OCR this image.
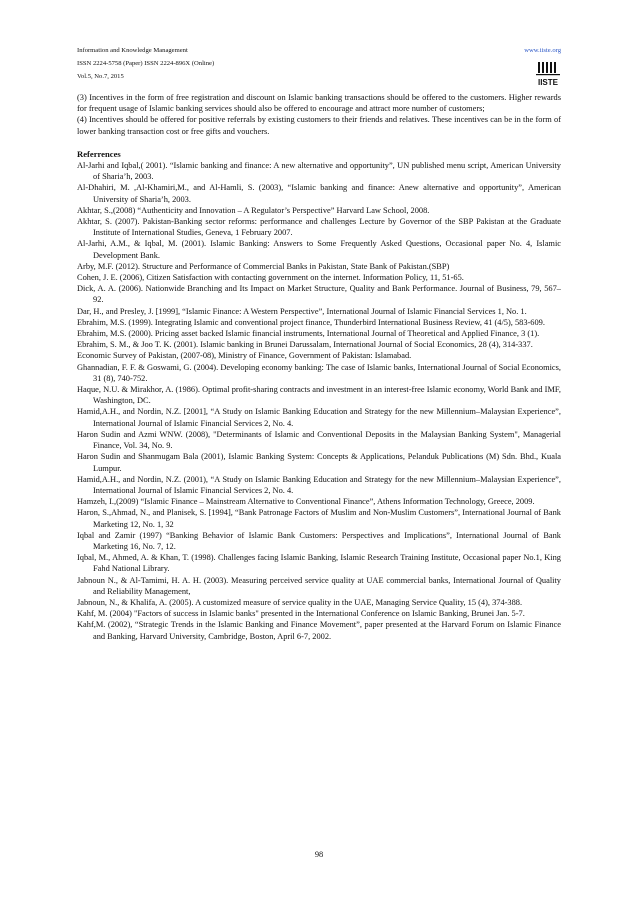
Information and Knowledge Management
ISSN 2224-5758 (Paper) ISSN 2224-896X (Online)
Vol.5, No.7, 2015
www.iiste.org
IISTE

(3) Incentives in the form of free registration and discount on Islamic banking transactions should be offered to the customers. Higher rewards for frequent usage of Islamic banking services should also be offered to encourage and attract more number of customers;

(4) Incentives should be offered for positive referrals by existing customers to their friends and relatives. These incentives can be in the form of lower banking transaction cost or free gifts and vouchers.

Referrences

Al-Jarhi and Iqbal,( 2001). “Islamic banking and finance: A new alternative and opportunity”, UN published menu script, American University of Sharia’h, 2003.

Al-Dhahiri, M. ,Al-Khamiri,M., and Al-Hamli, S. (2003), “Islamic banking and finance: Anew alternative and opportunity”, American University of Sharia’h, 2003.

Akhtar, S.,(2008) “Authenticity and Innovation – A Regulator’s Perspective” Harvard Law School, 2008.

Akhtar, S. (2007). Pakistan-Banking sector reforms: performance and challenges Lecture by Governor of the SBP Pakistan at the Graduate Institute of International Studies, Geneva, 1 February 2007.

Al-Jarhi, A.M., & Iqbal, M. (2001). Islamic Banking: Answers to Some Frequently Asked Questions, Occasional paper No. 4, Islamic Development Bank.

Arby, M.F. (2012). Structure and Performance of Commercial Banks in Pakistan, State Bank of Pakistan.(SBP)

Cohen, J. E. (2006), Citizen Satisfaction with contacting government on the internet. Information Policy, 11, 51-65.

Dick, A. A. (2006). Nationwide Branching and Its Impact on Market Structure, Quality and Bank Performance. Journal of Business, 79, 567–92.

Dar, H., and Presley, J. [1999], “Islamic Finance: A Western Perspective”, International Journal of Islamic Financial Services 1, No. 1.

Ebrahim, M.S. (1999). Integrating Islamic and conventional project finance, Thunderbird International Business Review, 41 (4/5), 583-609.

Ebrahim, M.S. (2000). Pricing asset backed Islamic financial instruments, International Journal of Theoretical and Applied Finance, 3 (1).

Ebrahim, S. M., & Joo T. K. (2001). Islamic banking in Brunei Darussalam, International Journal of Social Economics, 28 (4), 314-337.

Economic Survey of Pakistan, (2007-08), Ministry of Finance, Government of Pakistan: Islamabad.

Ghannadian, F. F. & Goswami, G. (2004). Developing economy banking: The case of Islamic banks, International Journal of Social Economics, 31 (8), 740-752.

Haque, N.U. & Mirakhor, A. (1986). Optimal profit-sharing contracts and investment in an interest-free Islamic economy, World Bank and IMF, Washington, DC.

Hamid,A.H., and Nordin, N.Z. [2001], “A Study on Islamic Banking Education and Strategy for the new Millennium–Malaysian Experience”, International Journal of Islamic Financial Services 2, No. 4.

Haron Sudin and Azmi WNW. (2008), "Determinants of Islamic and Conventional Deposits in the Malaysian Banking System", Managerial Finance, Vol. 34, No. 9.

Haron Sudin and Shanmugam Bala (2001), Islamic Banking System: Concepts & Applications, Pelanduk Publications (M) Sdn. Bhd., Kuala Lumpur.

Hamid,A.H., and Nordin, N.Z. (2001), “A Study on Islamic Banking Education and Strategy for the new Millennium–Malaysian Experience”, International Journal of Islamic Financial Services 2, No. 4.

Hamzeh, I.,(2009) “Islamic Finance – Mainstream Alternative to Conventional Finance”, Athens Information Technology, Greece, 2009.

Haron, S.,Ahmad, N., and Planisek, S. [1994], “Bank Patronage Factors of Muslim and Non-Muslim Customers”, International Journal of Bank Marketing 12, No. 1, 32

Iqbal and Zamir (1997) “Banking Behavior of Islamic Bank Customers: Perspectives and Implications”, International Journal of Bank Marketing 16, No. 7, 12.

Iqbal, M., Ahmed, A. & Khan, T. (1998). Challenges facing Islamic Banking, Islamic Research Training Institute, Occasional paper No.1, King Fahd National Library.

Jabnoun N., & Al-Tamimi, H. A. H. (2003). Measuring perceived service quality at UAE commercial banks, International Journal of Quality and Reliability Management,

Jabnoun, N., & Khalifa, A. (2005). A customized measure of service quality in the UAE, Managing Service Quality, 15 (4), 374-388.

Kahf, M. (2004) "Factors of success in Islamic banks" presented in the International Conference on Islamic Banking, Brunei Jan. 5-7.

Kahf,M. (2002), “Strategic Trends in the Islamic Banking and Finance Movement”, paper presented at the Harvard Forum on Islamic Finance and Banking, Harvard University, Cambridge, Boston, April 6-7, 2002.

98
